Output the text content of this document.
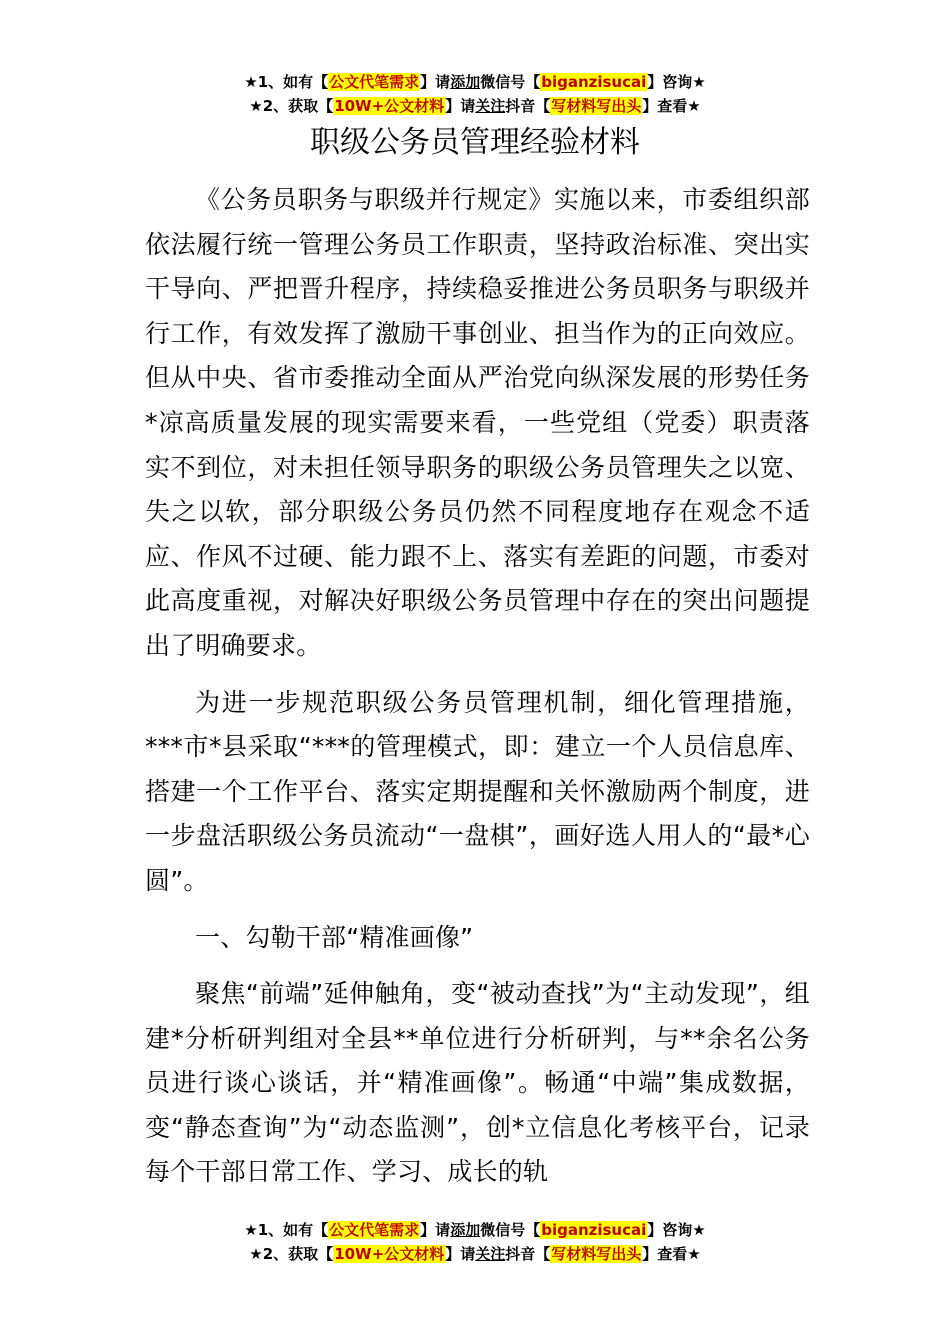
★1、如有【公文代笔需求】请添加微信号【biganzisucai】咨询★
★2、获取【10W+公文材料】请关注抖音【写材料写出头】查看★
职级公务员管理经验材料

《公务员职务与职级并行规定》实施以来，市委组织部依法履行统一管理公务员工作职责，坚持政治标准、突出实干导向、严把晋升程序，持续稳妥推进公务员职务与职级并行工作，有效发挥了激励干事创业、担当作为的正向效应。但从中央、省市委推动全面从严治党向纵深发展的形势任务*凉高质量发展的现实需要来看，一些党组（党委）职责落实不到位，对未担任领导职务的职级公务员管理失之以宽、失之以软，部分职级公务员仍然不同程度地存在观念不适应、作风不过硬、能力跟不上、落实有差距的问题，市委对此高度重视，对解决好职级公务员管理中存在的突出问题提出了明确要求。

为进一步规范职级公务员管理机制，细化管理措施，***市*县采取“***的管理模式，即：建立一个人员信息库、搭建一个工作平台、落实定期提醒和关怀激励两个制度，进一步盘活职级公务员流动“一盘棋”，画好选人用人的“最*心圆”。

一、勾勒干部“精准画像”

聚焦“前端”延伸触角，变“被动查找”为“主动发现”，组建*分析研判组对全县**单位进行分析研判，与**余名公务员进行谈心谈话，并“精准画像”。畅通“中端”集成数据，变“静态查询”为“动态监测”，创*立信息化考核平台，记录每个干部日常工作、学习、成长的轨

★1、如有【公文代笔需求】请添加微信号【biganzisucai】咨询★
★2、获取【10W+公文材料】请关注抖音【写材料写出头】查看★
